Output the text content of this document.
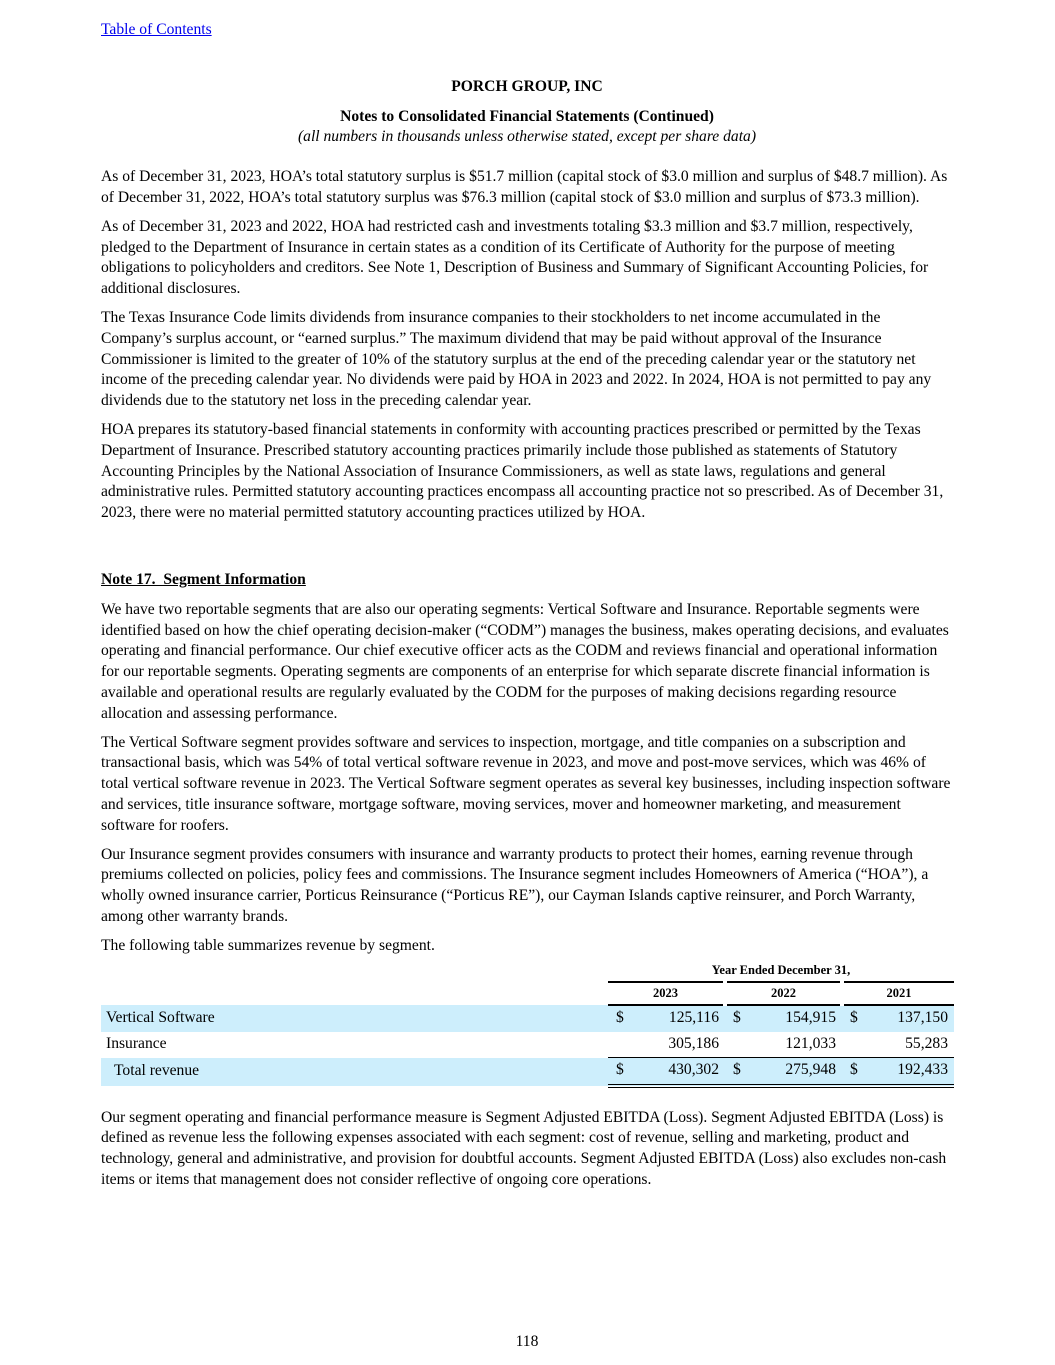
Table of Contents
PORCH GROUP, INC
Notes to Consolidated Financial Statements (Continued)
(all numbers in thousands unless otherwise stated, except per share data)

As of December 31, 2023, HOA’s total statutory surplus is $51.7 million (capital stock of $3.0 million and surplus of $48.7 million). As of December 31, 2022, HOA’s total statutory surplus was $76.3 million (capital stock of $3.0 million and surplus of $73.3 million).

As of December 31, 2023 and 2022, HOA had restricted cash and investments totaling $3.3 million and $3.7 million, respectively, pledged to the Department of Insurance in certain states as a condition of its Certificate of Authority for the purpose of meeting obligations to policyholders and creditors. See Note 1, Description of Business and Summary of Significant Accounting Policies, for additional disclosures.

The Texas Insurance Code limits dividends from insurance companies to their stockholders to net income accumulated in the Company’s surplus account, or “earned surplus.” The maximum dividend that may be paid without approval of the Insurance Commissioner is limited to the greater of 10% of the statutory surplus at the end of the preceding calendar year or the statutory net income of the preceding calendar year. No dividends were paid by HOA in 2023 and 2022. In 2024, HOA is not permitted to pay any dividends due to the statutory net loss in the preceding calendar year.

HOA prepares its statutory-based financial statements in conformity with accounting practices prescribed or permitted by the Texas Department of Insurance. Prescribed statutory accounting practices primarily include those published as statements of Statutory Accounting Principles by the National Association of Insurance Commissioners, as well as state laws, regulations and general administrative rules. Permitted statutory accounting practices encompass all accounting practice not so prescribed. As of December 31, 2023, there were no material permitted statutory accounting practices utilized by HOA.

Note 17.  Segment Information

We have two reportable segments that are also our operating segments: Vertical Software and Insurance. Reportable segments were identified based on how the chief operating decision-maker (“CODM”) manages the business, makes operating decisions, and evaluates operating and financial performance. Our chief executive officer acts as the CODM and reviews financial and operational information for our reportable segments. Operating segments are components of an enterprise for which separate discrete financial information is available and operational results are regularly evaluated by the CODM for the purposes of making decisions regarding resource allocation and assessing performance.

The Vertical Software segment provides software and services to inspection, mortgage, and title companies on a subscription and transactional basis, which was 54% of total vertical software revenue in 2023, and move and post-move services, which was 46% of total vertical software revenue in 2023. The Vertical Software segment operates as several key businesses, including inspection software and services, title insurance software, mortgage software, moving services, mover and homeowner marketing, and measurement software for roofers.

Our Insurance segment provides consumers with insurance and warranty products to protect their homes, earning revenue through premiums collected on policies, policy fees and commissions. The Insurance segment includes Homeowners of America (“HOA”), a wholly owned insurance carrier, Porticus Reinsurance (“Porticus RE”), our Cayman Islands captive reinsurer, and Porch Warranty, among other warranty brands.

The following table summarizes revenue by segment.

	Year Ended December 31,					
	2023		2022		2021	
Vertical Software	$	125,116	$	154,915	$	137,150
Insurance		305,186		121,033		55,283
Total revenue	$	430,302	$	275,948	$	192,433

Our segment operating and financial performance measure is Segment Adjusted EBITDA (Loss). Segment Adjusted EBITDA (Loss) is defined as revenue less the following expenses associated with each segment: cost of revenue, selling and marketing, product and technology, general and administrative, and provision for doubtful accounts. Segment Adjusted EBITDA (Loss) also excludes non-cash items or items that management does not consider reflective of ongoing core operations.

118
